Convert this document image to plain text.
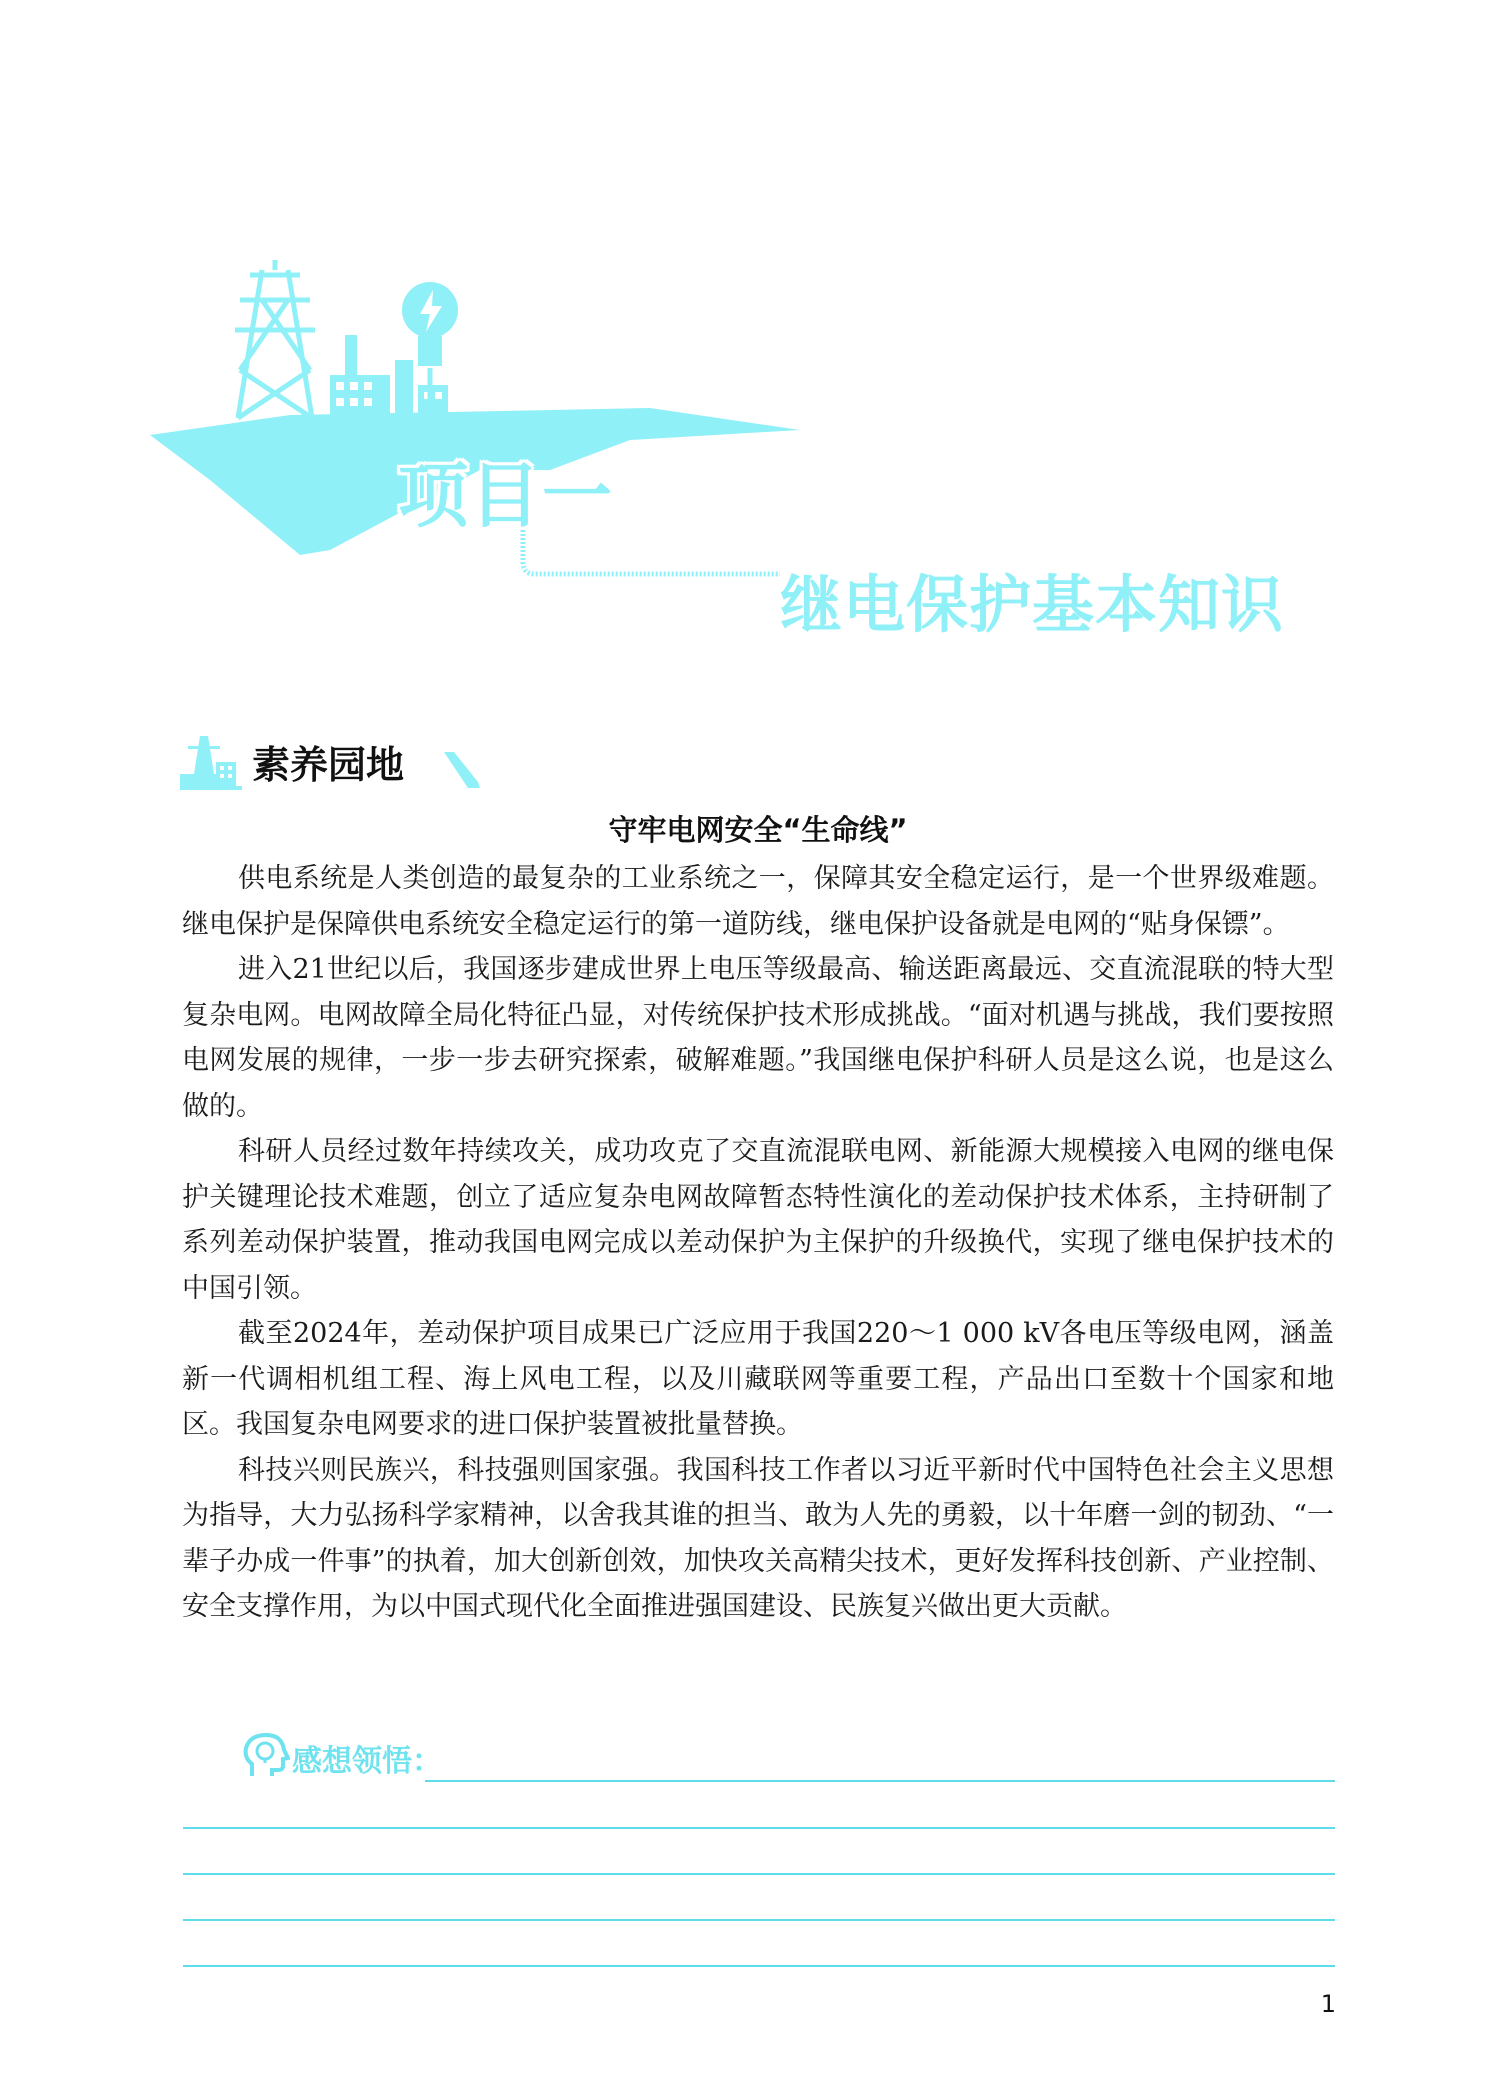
项目一
继电保护基本知识
素养园地
守牢电网安全“生命线”

供电系统是人类创造的最复杂的工业系统之一，保障其安全稳定运行，是一个世界级难题。继电保护是保障供电系统安全稳定运行的第一道防线，继电保护设备就是电网的“贴身保镖”。

进入21世纪以后，我国逐步建成世界上电压等级最高、输送距离最远、交直流混联的特大型复杂电网。电网故障全局化特征凸显，对传统保护技术形成挑战。“面对机遇与挑战，我们要按照电网发展的规律，一步一步去研究探索，破解难题。”我国继电保护科研人员是这么说，也是这么做的。

科研人员经过数年持续攻关，成功攻克了交直流混联电网、新能源大规模接入电网的继电保护关键理论技术难题，创立了适应复杂电网故障暂态特性演化的差动保护技术体系，主持研制了系列差动保护装置，推动我国电网完成以差动保护为主保护的升级换代，实现了继电保护技术的中国引领。

截至2024年，差动保护项目成果已广泛应用于我国220～1 000 kV各电压等级电网，涵盖新一代调相机组工程、海上风电工程，以及川藏联网等重要工程，产品出口至数十个国家和地区。我国复杂电网要求的进口保护装置被批量替换。

科技兴则民族兴，科技强则国家强。我国科技工作者以习近平新时代中国特色社会主义思想为指导，大力弘扬科学家精神，以舍我其谁的担当、敢为人先的勇毅，以十年磨一剑的韧劲、“一辈子办成一件事”的执着，加大创新创效，加快攻关高精尖技术，更好发挥科技创新、产业控制、安全支撑作用，为以中国式现代化全面推进强国建设、民族复兴做出更大贡献。

感想领悟：
1
